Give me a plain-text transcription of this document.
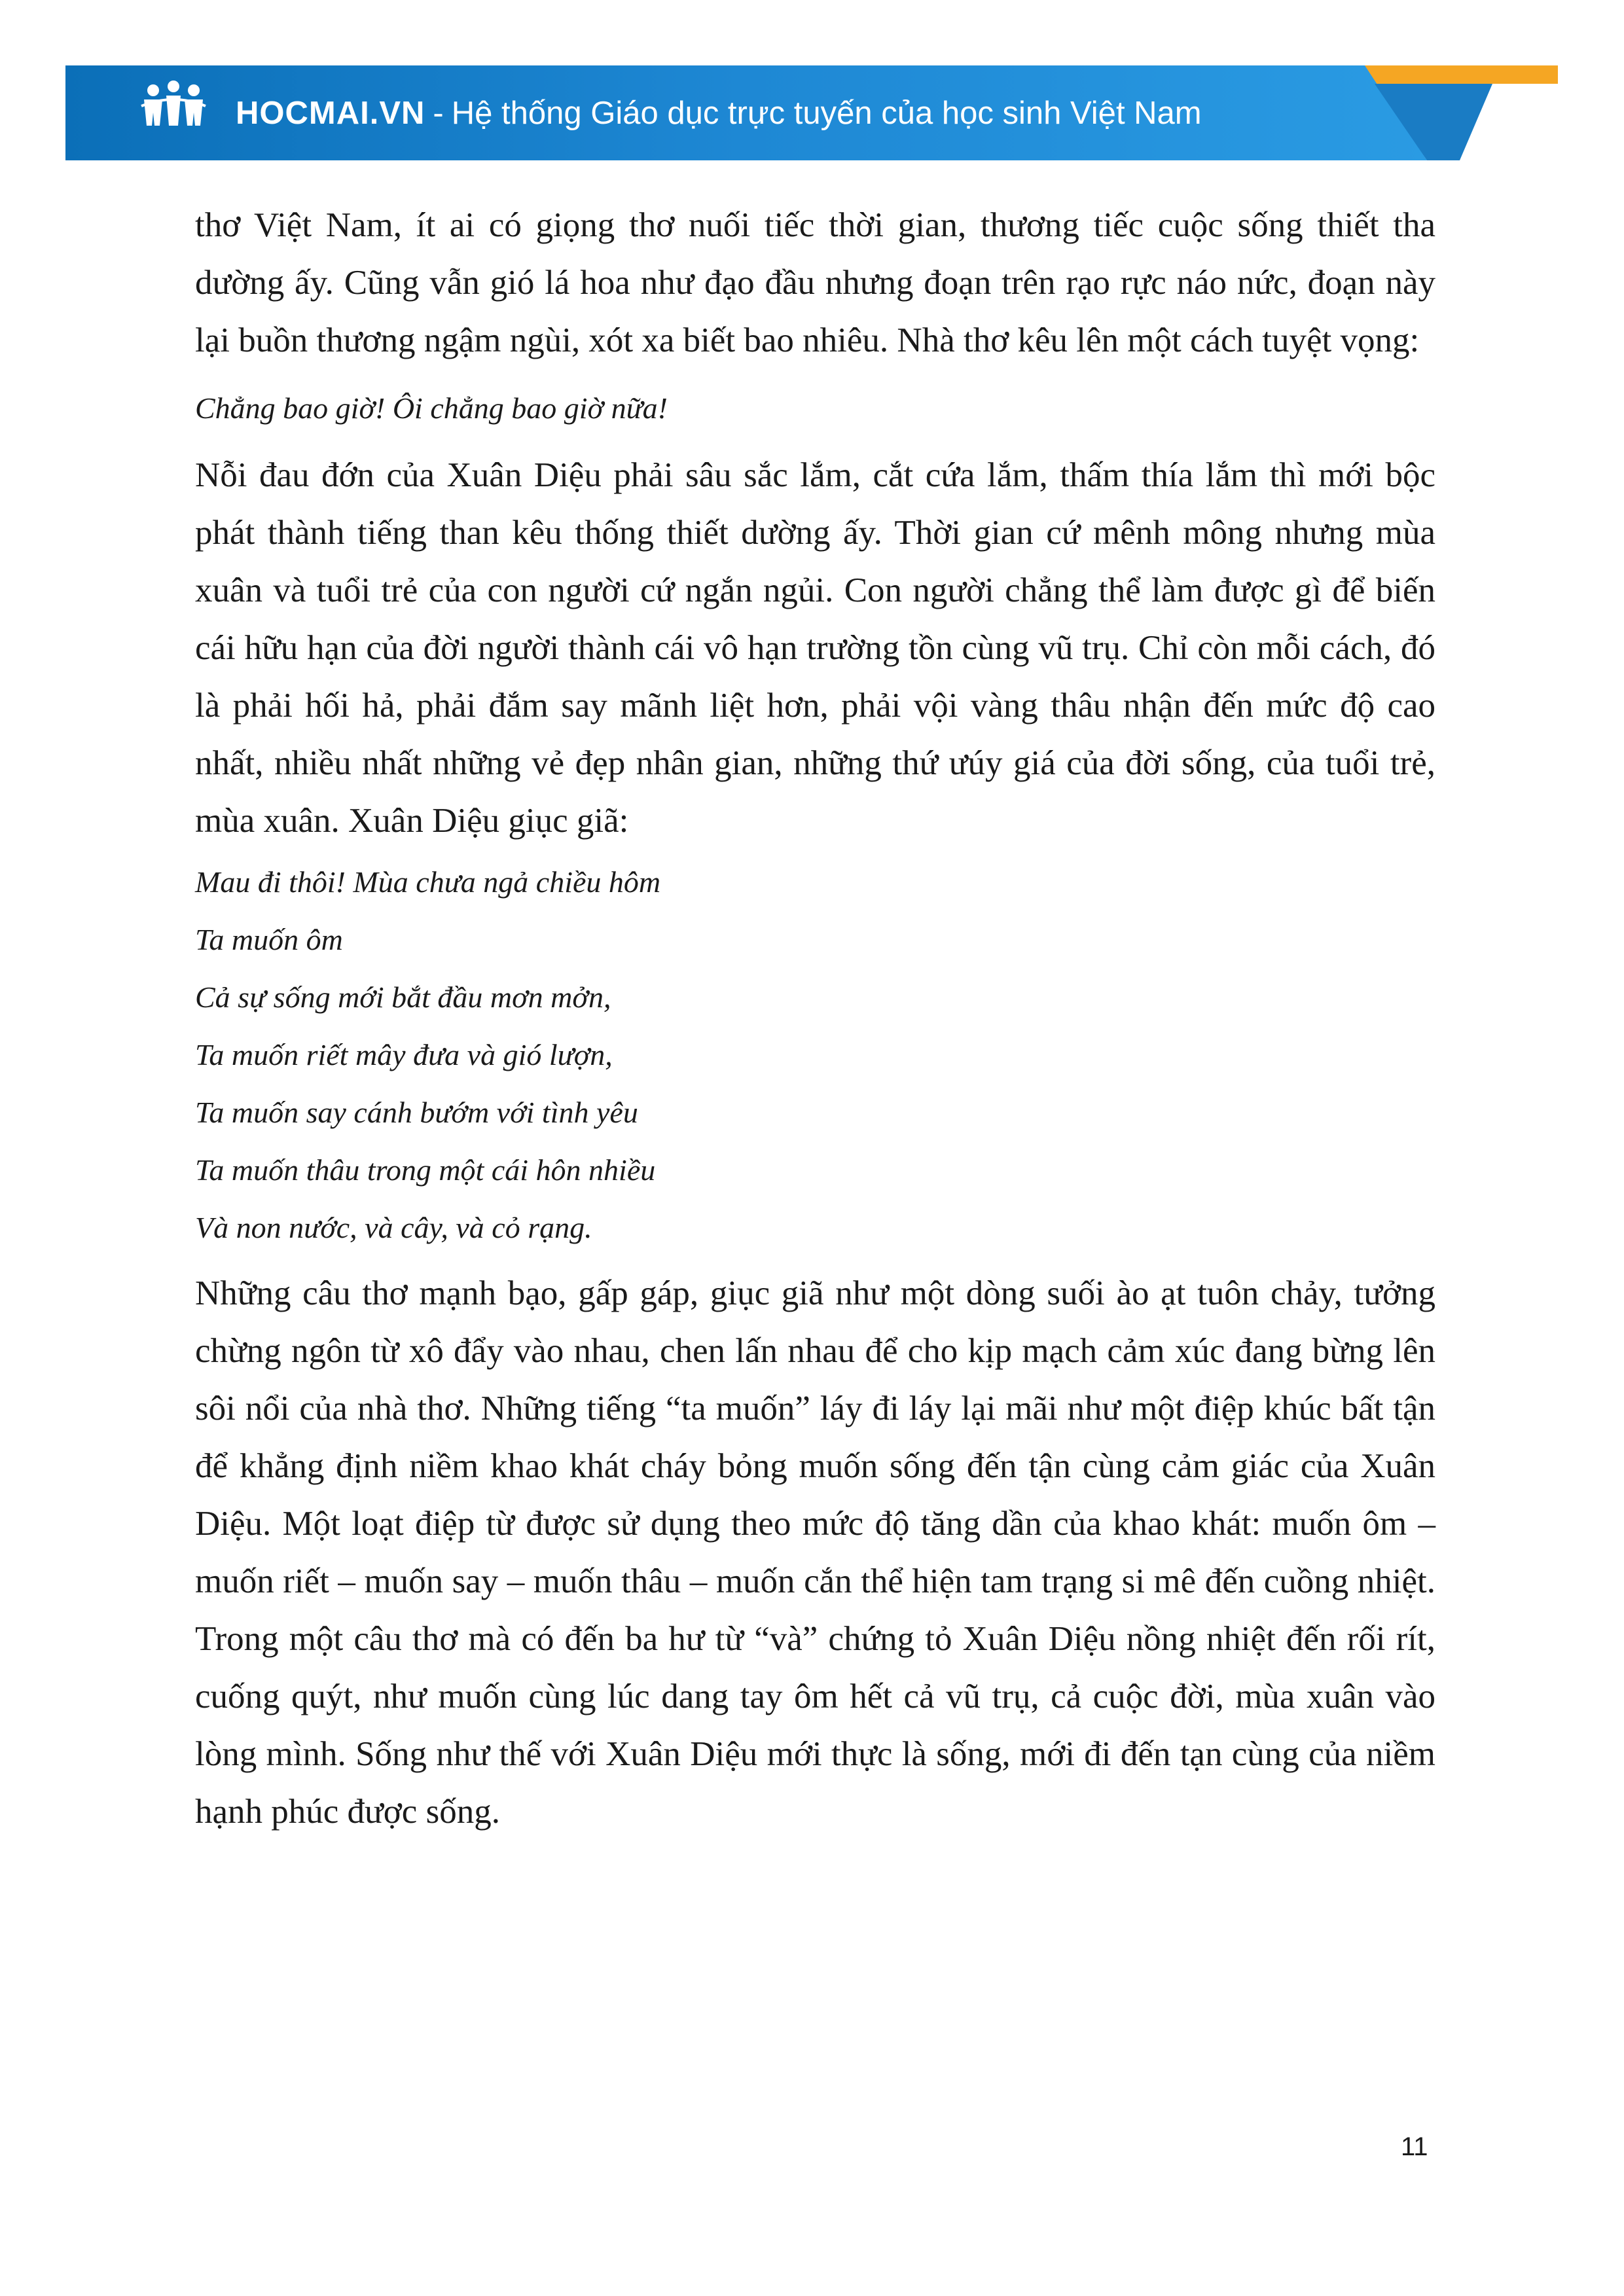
HOCMAI.VN - Hệ thống Giáo dục trực tuyến của học sinh Việt Nam

thơ Việt Nam, ít ai có giọng thơ nuối tiếc thời gian, thương tiếc cuộc sống thiết tha dường ấy. Cũng vẫn gió lá hoa như đạo đầu nhưng đoạn trên rạo rực náo nức, đoạn này lại buồn thương ngậm ngùi, xót xa biết bao nhiêu. Nhà thơ kêu lên một cách tuyệt vọng:

Chẳng bao giờ! Ôi chẳng bao giờ nữa!

Nỗi đau đớn của Xuân Diệu phải sâu sắc lắm, cắt cứa lắm, thấm thía lắm thì mới bộc phát thành tiếng than kêu thống thiết dường ấy. Thời gian cứ mênh mông nhưng mùa xuân và tuổi trẻ của con người cứ ngắn ngủi. Con người chẳng thể làm được gì để biến cái hữu hạn của đời người thành cái vô hạn trường tồn cùng vũ trụ. Chỉ còn mỗi cách, đó là phải hối hả, phải đắm say mãnh liệt hơn, phải vội vàng thâu nhận đến mức độ cao nhất, nhiều nhất những vẻ đẹp nhân gian, những thứ ưúy giá của đời sống, của tuổi trẻ, mùa xuân. Xuân Diệu giục giã:

Mau đi thôi! Mùa chưa ngả chiều hôm

Ta muốn ôm

Cả sự sống mới bắt đầu mơn mởn,

Ta muốn riết mây đưa và gió lượn,

Ta muốn say cánh bướm với tình yêu

Ta muốn thâu trong một cái hôn nhiều

Và non nước, và cây, và cỏ rạng.

Những câu thơ mạnh bạo, gấp gáp, giục giã như một dòng suối ào ạt tuôn chảy, tưởng chừng ngôn từ xô đẩy vào nhau, chen lấn nhau để cho kịp mạch cảm xúc đang bừng lên sôi nổi của nhà thơ. Những tiếng “ta muốn” láy đi láy lại mãi như một điệp khúc bất tận để khẳng định niềm khao khát cháy bỏng muốn sống đến tận cùng cảm giác của Xuân Diệu. Một loạt điệp từ được sử dụng theo mức độ tăng dần của khao khát: muốn ôm – muốn riết – muốn say – muốn thâu – muốn cắn thể hiện tam trạng si mê đến cuồng nhiệt. Trong một câu thơ mà có đến ba hư từ “và” chứng tỏ Xuân Diệu nồng nhiệt đến rối rít, cuống quýt, như muốn cùng lúc dang tay ôm hết cả vũ trụ, cả cuộc đời, mùa xuân vào lòng mình. Sống như thế với Xuân Diệu mới thực là sống, mới đi đến tạn cùng của niềm hạnh phúc được sống.

11
